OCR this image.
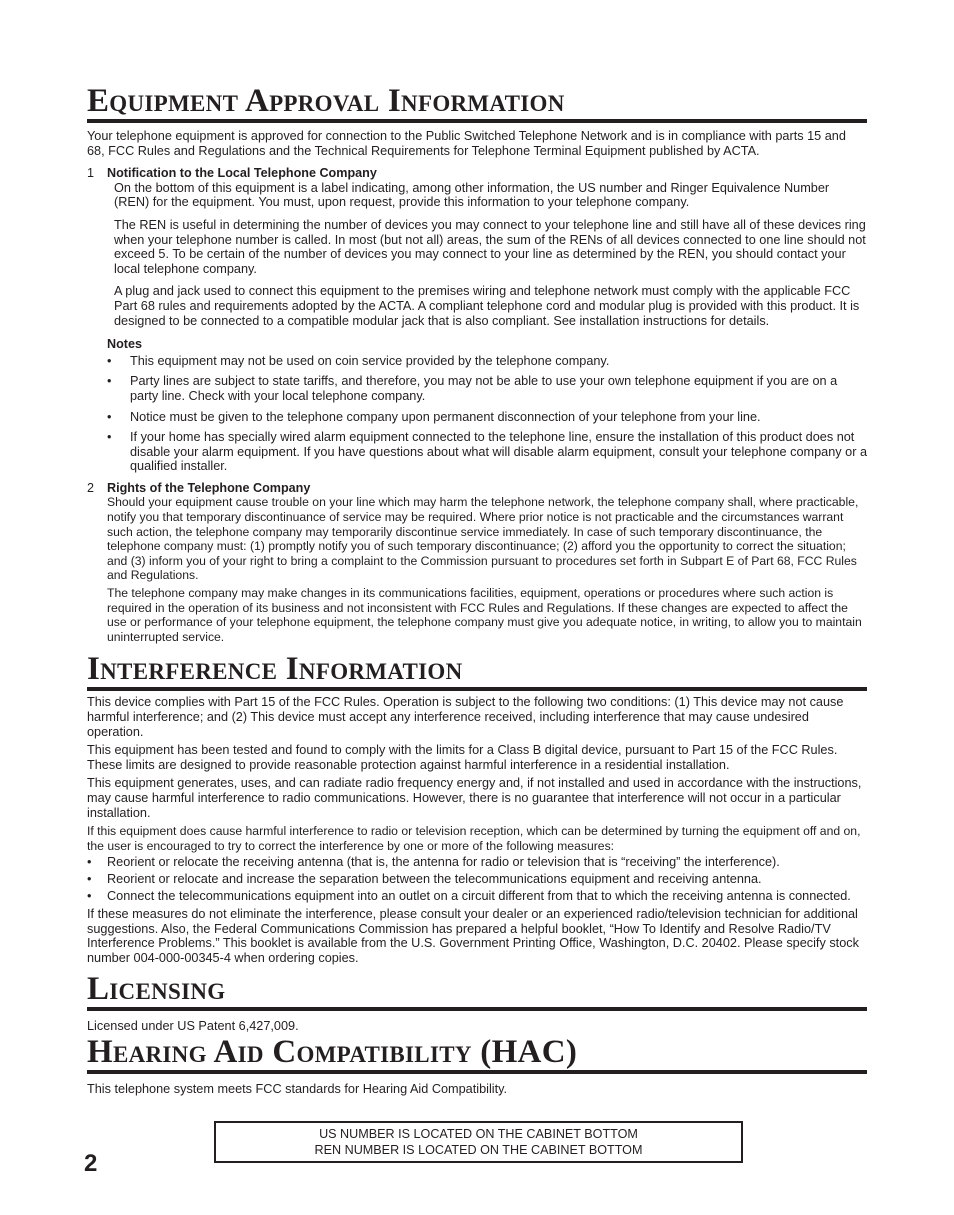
Equipment Approval Information

Your telephone equipment is approved for connection to the Public Switched Telephone Network and is in compliance with parts 15 and 68, FCC Rules and Regulations and the Technical Requirements for Telephone Terminal Equipment published by ACTA.

1	Notification to the Local Telephone Company

On the bottom of this equipment is a label indicating, among other information, the US number and Ringer Equivalence Number (REN) for the equipment. You must, upon request, provide this information to your telephone company.

The REN is useful in determining the number of devices you may connect to your telephone line and still have all of these devices ring when your telephone number is called. In most (but not all) areas, the sum of the RENs of all devices connected to one line should not exceed 5. To be certain of the number of devices you may connect to your line as determined by the REN, you should contact your local telephone company.

A plug and jack used to connect this equipment to the premises wiring and telephone network must comply with the applicable FCC Part 68 rules and requirements adopted by the ACTA. A compliant telephone cord and modular plug is provided with this product. It is designed to be connected to a compatible modular jack that is also compliant. See installation instructions for details.

Notes
• This equipment may not be used on coin service provided by the telephone company.
• Party lines are subject to state tariffs, and therefore, you may not be able to use your own telephone equipment if you are on a party line. Check with your local telephone company.
• Notice must be given to the telephone company upon permanent disconnection of your telephone from your line.
• If your home has specially wired alarm equipment connected to the telephone line, ensure the installation of this product does not disable your alarm equipment. If you have questions about what will disable alarm equipment, consult your telephone company or a qualified installer.
2	Rights of the Telephone Company

Should your equipment cause trouble on your line which may harm the telephone network, the telephone company shall, where practicable, notify you that temporary discontinuance of service may be required. Where prior notice is not practicable and the circumstances warrant such action, the telephone company may temporarily discontinue service immediately. In case of such temporary discontinuance, the telephone company must: (1) promptly notify you of such temporary discontinuance; (2) afford you the opportunity to correct the situation; and (3) inform you of your right to bring a complaint to the Commission pursuant to procedures set forth in Subpart E of Part 68, FCC Rules and Regulations.

The telephone company may make changes in its communications facilities, equipment, operations or procedures where such action is required in the operation of its business and not inconsistent with FCC Rules and Regulations. If these changes are expected to affect the use or performance of your telephone equipment, the telephone company must give you adequate notice, in writing, to allow you to maintain uninterrupted service.

Interference Information

This device complies with Part 15 of the FCC Rules. Operation is subject to the following two conditions: (1) This device may not cause harmful interference; and (2) This device must accept any interference received, including interference that may cause undesired operation.

This equipment has been tested and found to comply with the limits for a Class B digital device, pursuant to Part 15 of the FCC Rules. These limits are designed to provide reasonable protection against harmful interference in a residential installation.

This equipment generates, uses, and can radiate radio frequency energy and, if not installed and used in accordance with the instructions, may cause harmful interference to radio communications. However, there is no guarantee that interference will not occur in a particular installation.

If this equipment does cause harmful interference to radio or television reception, which can be determined by turning the equipment off and on, the user is encouraged to try to correct the interference by one or more of the following measures:

• Reorient or relocate the receiving antenna (that is, the antenna for radio or television that is “receiving” the interference).
• Reorient or relocate and increase the separation between the telecommunications equipment and receiving antenna.
• Connect the telecommunications equipment into an outlet on a circuit different from that to which the receiving antenna is connected.

If these measures do not eliminate the interference, please consult your dealer or an experienced radio/television technician for additional suggestions. Also, the Federal Communications Commission has prepared a helpful booklet, “How To Identify and Resolve Radio/TV Interference Problems.” This booklet is available from the U.S. Government Printing Office, Washington, D.C. 20402. Please specify stock number 004-000-00345-4 when ordering copies.

Licensing

Licensed under US Patent 6,427,009.

Hearing Aid Compatibility (HAC)

This telephone system meets FCC standards for Hearing Aid Compatibility.

US NUMBER IS LOCATED ON THE CABINET BOTTOM
REN NUMBER IS LOCATED ON THE CABINET BOTTOM
2
